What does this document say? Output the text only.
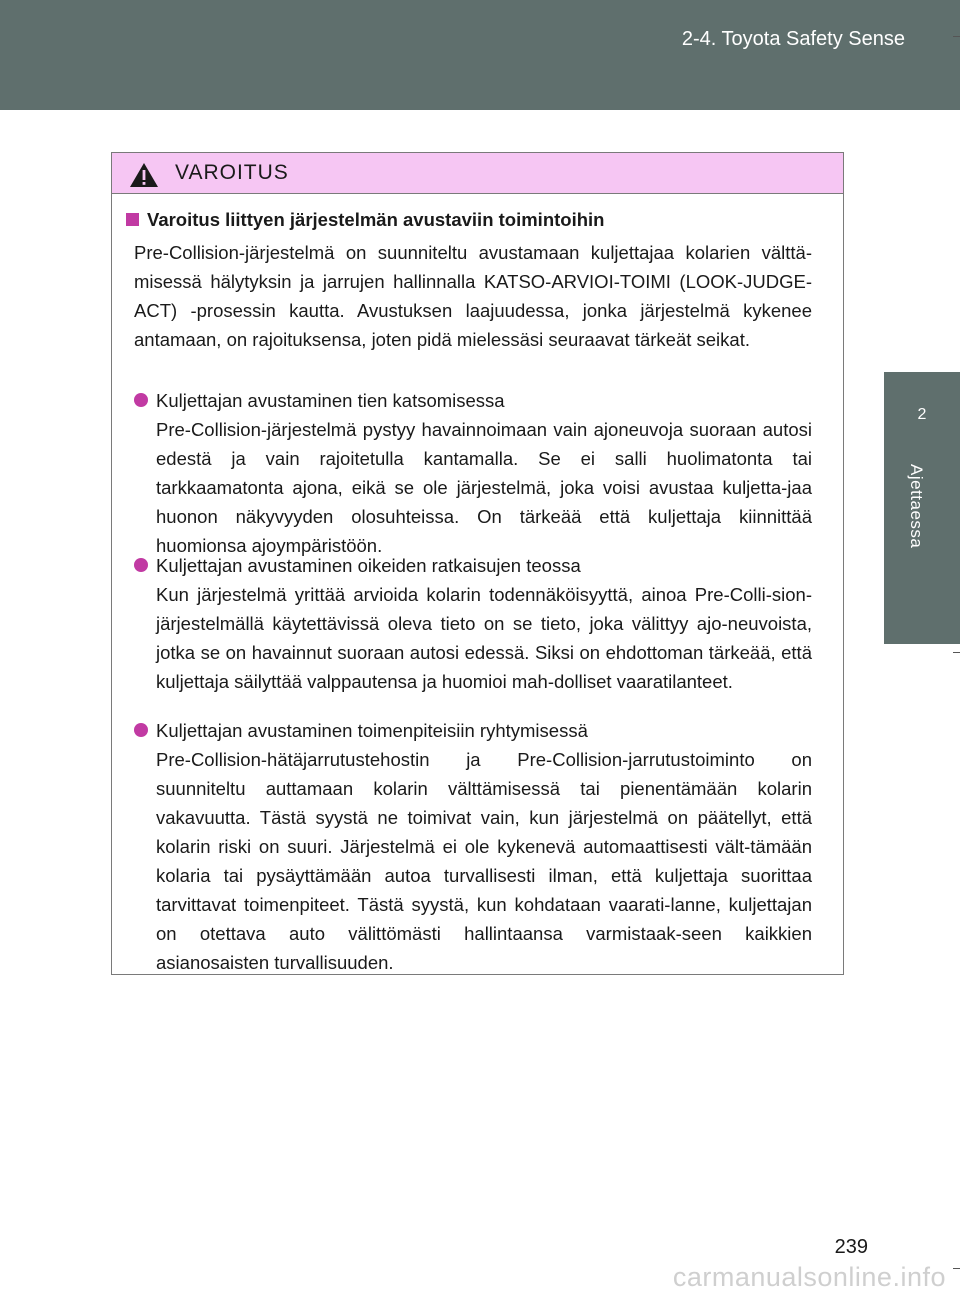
2-4. Toyota Safety Sense
2
Ajettaessa
VAROITUS
Varoitus liittyen järjestelmän avustaviin toimintoihin
Pre-Collision-järjestelmä on suunniteltu avustamaan kuljettajaa kolarien välttä-misessä hälytyksin ja jarrujen hallinnalla KATSO-ARVIOI-TOIMI (LOOK-JUDGE-ACT) -prosessin kautta. Avustuksen laajuudessa, jonka järjestelmä kykenee antamaan, on rajoituksensa, joten pidä mielessäsi seuraavat tärkeät seikat.
Kuljettajan avustaminen tien katsomisessa
Pre-Collision-järjestelmä pystyy havainnoimaan vain ajoneuvoja suoraan autosi edestä ja vain rajoitetulla kantamalla. Se ei salli huolimatonta tai tarkkaamatonta ajona, eikä se ole järjestelmä, joka voisi avustaa kuljetta-jaa huonon näkyvyyden olosuhteissa. On tärkeää että kuljettaja kiinnittää huomionsa ajoympäristöön.
Kuljettajan avustaminen oikeiden ratkaisujen teossa
Kun järjestelmä yrittää arvioida kolarin todennäköisyyttä, ainoa Pre-Colli-sion-järjestelmällä käytettävissä oleva tieto on se tieto, joka välittyy ajo-neuvoista, jotka se on havainnut suoraan autosi edessä. Siksi on ehdottoman tärkeää, että kuljettaja säilyttää valppautensa ja huomioi mah-dolliset vaaratilanteet.
Kuljettajan avustaminen toimenpiteisiin ryhtymisessä
Pre-Collision-hätäjarrutustehostin ja Pre-Collision-jarrutustoiminto on suunniteltu auttamaan kolarin välttämisessä tai pienentämään kolarin vakavuutta. Tästä syystä ne toimivat vain, kun järjestelmä on päätellyt, että kolarin riski on suuri. Järjestelmä ei ole kykenevä automaattisesti vält-tämään kolaria tai pysäyttämään autoa turvallisesti ilman, että kuljettaja suorittaa tarvittavat toimenpiteet. Tästä syystä, kun kohdataan vaarati-lanne, kuljettajan on otettava auto välittömästi hallintaansa varmistaak-seen kaikkien asianosaisten turvallisuuden.
239
carmanualsonline.info
